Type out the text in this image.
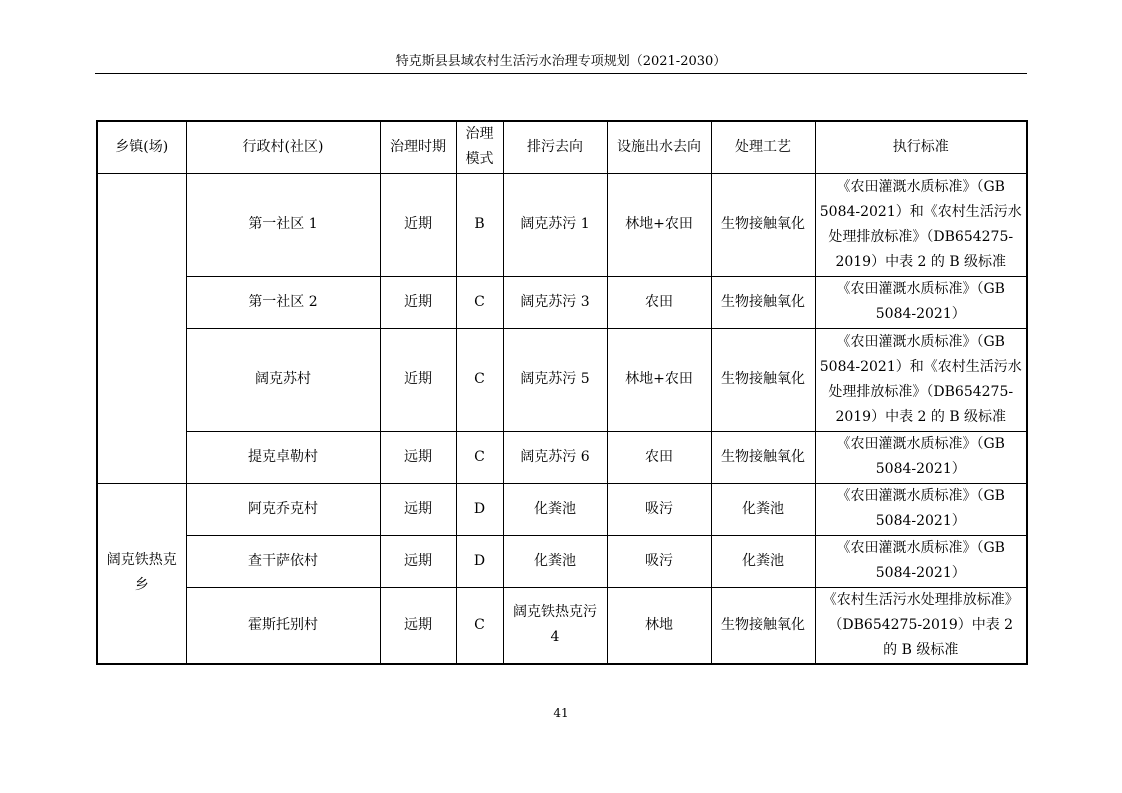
特克斯县县域农村生活污水治理专项规划（2021-2030）
乡镇(场)	行政村(社区)	治理时期	治理模式	排污去向	设施出水去向	处理工艺	执行标准
	第一社区 1	近期	B	阔克苏污 1	林地+农田	生物接触氧化	《农田灌溉水质标准》（GB 5084-2021）和《农村生活污水处理排放标准》（DB654275-2019）中表 2 的 B 级标准
	第一社区 2	近期	C	阔克苏污 3	农田	生物接触氧化	《农田灌溉水质标准》（GB 5084-2021）
	阔克苏村	近期	C	阔克苏污 5	林地+农田	生物接触氧化	《农田灌溉水质标准》（GB 5084-2021）和《农村生活污水处理排放标准》（DB654275-2019）中表 2 的 B 级标准
	提克卓勒村	远期	C	阔克苏污 6	农田	生物接触氧化	《农田灌溉水质标准》（GB 5084-2021）
阔克铁热克乡	阿克乔克村	远期	D	化粪池	吸污	化粪池	《农田灌溉水质标准》（GB 5084-2021）
	查干萨依村	远期	D	化粪池	吸污	化粪池	《农田灌溉水质标准》（GB 5084-2021）
	霍斯托别村	远期	C	阔克铁热克污 4	林地	生物接触氧化	《农村生活污水处理排放标准》（DB654275-2019）中表 2 的 B 级标准
41
